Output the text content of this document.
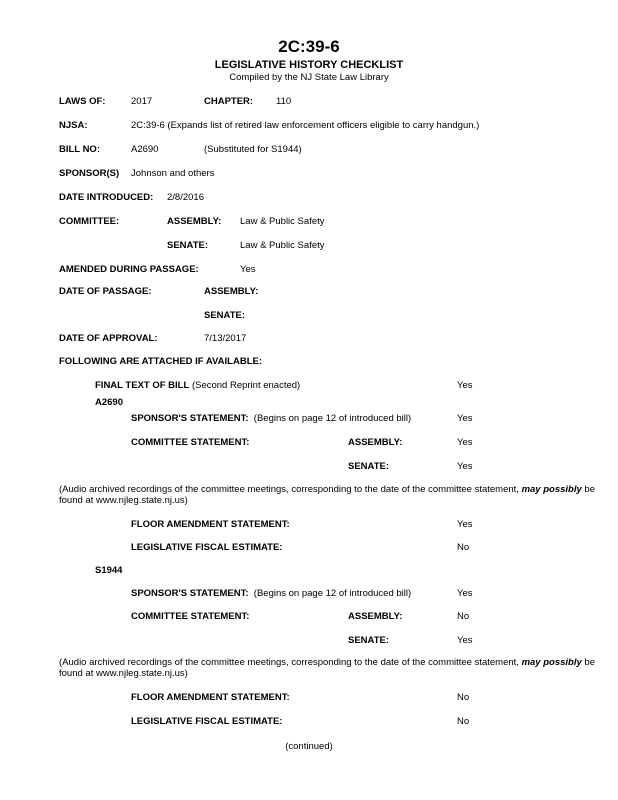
2C:39-6
LEGISLATIVE HISTORY CHECKLIST
Compiled by the NJ State Law Library
LAWS OF:	2017	CHAPTER: 110
NJSA:	2C:39-6 (Expands list of retired law enforcement officers eligible to carry handgun.)
BILL NO:	A2690	(Substituted for S1944)
SPONSOR(S) Johnson and others
DATE INTRODUCED: 2/8/2016
COMMITTEE:	ASSEMBLY: Law & Public Safety
SENATE:	Law & Public Safety
AMENDED DURING PASSAGE:	Yes
DATE OF PASSAGE:	ASSEMBLY:
SENATE:
DATE OF APPROVAL:	7/13/2017
FOLLOWING ARE ATTACHED IF AVAILABLE:
FINAL TEXT OF BILL (Second Reprint enacted)	Yes
A2690
SPONSOR'S STATEMENT: (Begins on page 12 of introduced bill)	Yes
COMMITTEE STATEMENT:	ASSEMBLY:	Yes
SENATE:	Yes
(Audio archived recordings of the committee meetings, corresponding to the date of the committee statement, may possibly be found at www.njleg.state.nj.us)
FLOOR AMENDMENT STATEMENT:	Yes
LEGISLATIVE FISCAL ESTIMATE:	No
S1944
SPONSOR'S STATEMENT: (Begins on page 12 of introduced bill)	Yes
COMMITTEE STATEMENT:	ASSEMBLY:	No
SENATE:	Yes
(Audio archived recordings of the committee meetings, corresponding to the date of the committee statement, may possibly be found at www.njleg.state.nj.us)
FLOOR AMENDMENT STATEMENT:	No
LEGISLATIVE FISCAL ESTIMATE:	No
(continued)
